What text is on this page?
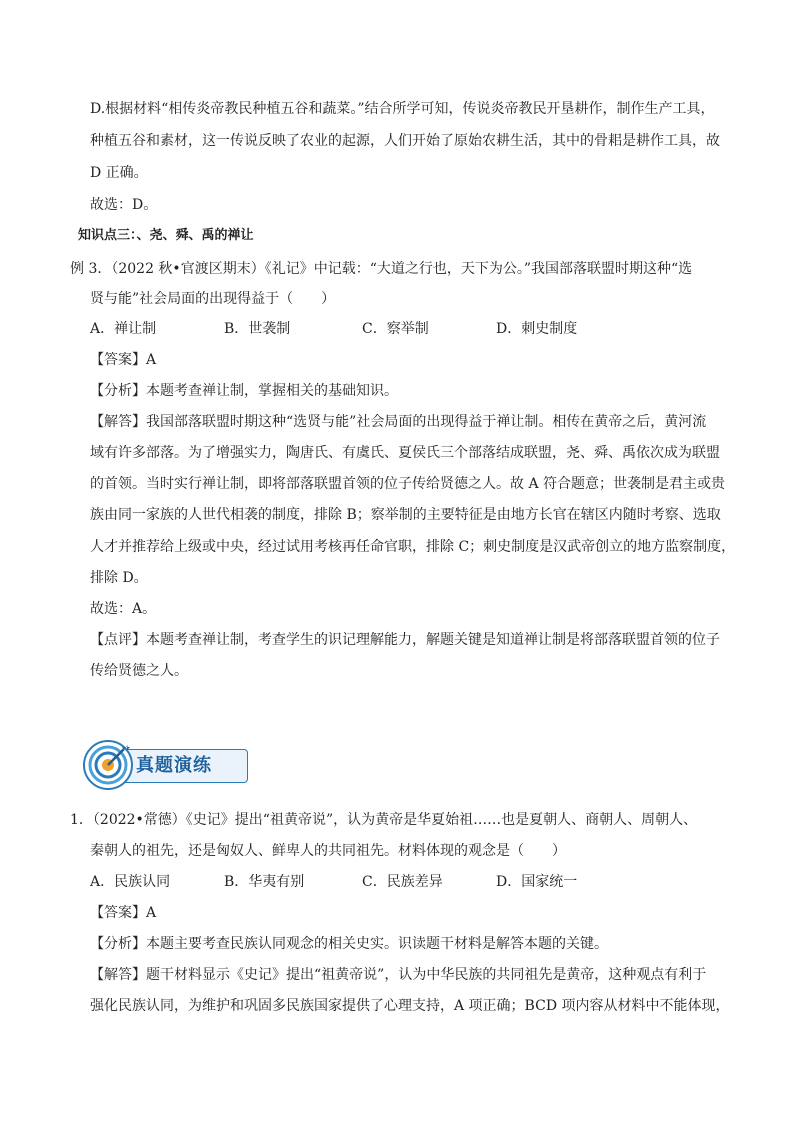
D.根据材料“相传炎帝教民种植五谷和蔬菜。”结合所学可知，传说炎帝教民开垦耕作，制作生产工具，
种植五谷和素材，这一传说反映了农业的起源，人们开始了原始农耕生活，其中的骨耜是耕作工具，故
D 正确。
故选：D。
知识点三：、尧、舜、禹的禅让
例 3．（2022 秋•官渡区期末）《礼记》中记载：“大道之行也，天下为公。”我国部落联盟时期这种“选
贤与能”社会局面的出现得益于（　　）
A．禅让制	B．世袭制	C．察举制	D．刺史制度
【答案】A
【分析】本题考查禅让制，掌握相关的基础知识。
【解答】我国部落联盟时期这种“选贤与能”社会局面的出现得益于禅让制。相传在黄帝之后，黄河流
域有许多部落。为了增强实力，陶唐氏、有虞氏、夏侯氏三个部落结成联盟，尧、舜、禹依次成为联盟
的首领。当时实行禅让制，即将部落联盟首领的位子传给贤德之人。故 A 符合题意；世袭制是君主或贵
族由同一家族的人世代相袭的制度，排除 B；察举制的主要特征是由地方长官在辖区内随时考察、选取
人才并推荐给上级或中央，经过试用考核再任命官职，排除 C；刺史制度是汉武帝创立的地方监察制度，
排除 D。
故选：A。
【点评】本题考查禅让制，考查学生的识记理解能力，解题关键是知道禅让制是将部落联盟首领的位子
传给贤德之人。
真题演练
1．（2022•常德）《史记》提出“祖黄帝说”，认为黄帝是华夏始祖……也是夏朝人、商朝人、周朝人、
秦朝人的祖先，还是匈奴人、鲜卑人的共同祖先。材料体现的观念是（　　）
A．民族认同	B．华夷有别	C．民族差异	D．国家统一
【答案】A
【分析】本题主要考查民族认同观念的相关史实。识读题干材料是解答本题的关键。
【解答】题干材料显示《史记》提出“祖黄帝说”，认为中华民族的共同祖先是黄帝，这种观点有利于
强化民族认同，为维护和巩固多民族国家提供了心理支持，A 项正确；BCD 项内容从材料中不能体现，
